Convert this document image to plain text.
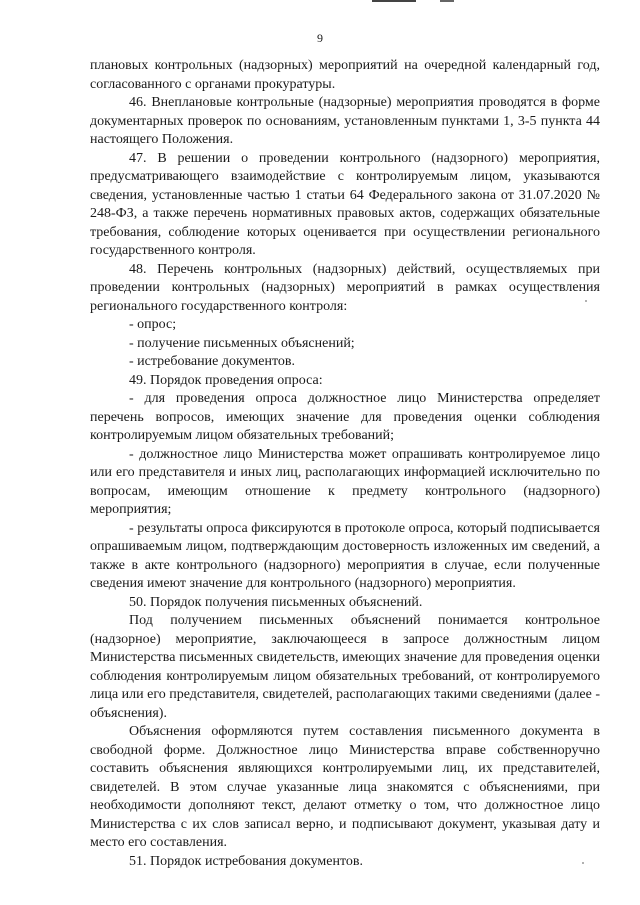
9

плановых контрольных (надзорных) мероприятий на очередной календарный год, согласованного с органами прокуратуры.

46. Внеплановые контрольные (надзорные) мероприятия проводятся в форме документарных проверок по основаниям, установленным пунктами 1, 3-5 пункта 44 настоящего Положения.

47. В решении о проведении контрольного (надзорного) мероприятия, предусматривающего взаимодействие с контролируемым лицом, указываются сведения, установленные частью 1 статьи 64 Федерального закона от 31.07.2020 № 248-ФЗ, а также перечень нормативных правовых актов, содержащих обязательные требования, соблюдение которых оценивается при осуществлении регионального государственного контроля.

48. Перечень контрольных (надзорных) действий, осуществляемых при проведении контрольных (надзорных) мероприятий в рамках осуществления регионального государственного контроля:

- опрос;

- получение письменных объяснений;

- истребование документов.

49. Порядок проведения опроса:

- для проведения опроса должностное лицо Министерства определяет перечень вопросов, имеющих значение для проведения оценки соблюдения контролируемым лицом обязательных требований;

- должностное лицо Министерства может опрашивать контролируемое лицо или его представителя и иных лиц, располагающих информацией исключительно по вопросам, имеющим отношение к предмету контрольного (надзорного) мероприятия;

- результаты опроса фиксируются в протоколе опроса, который подписывается опрашиваемым лицом, подтверждающим достоверность изложенных им сведений, а также в акте контрольного (надзорного) мероприятия в случае, если полученные сведения имеют значение для контрольного (надзорного) мероприятия.

50. Порядок получения письменных объяснений.

Под получением письменных объяснений понимается контрольное (надзорное) мероприятие, заключающееся в запросе должностным лицом Министерства письменных свидетельств, имеющих значение для проведения оценки соблюдения контролируемым лицом обязательных требований, от контролируемого лица или его представителя, свидетелей, располагающих такими сведениями (далее - объяснения).

Объяснения оформляются путем составления письменного документа в свободной форме. Должностное лицо Министерства вправе собственноручно составить объяснения являющихся контролируемыми лиц, их представителей, свидетелей. В этом случае указанные лица знакомятся с объяснениями, при необходимости дополняют текст, делают отметку о том, что должностное лицо Министерства с их слов записал верно, и подписывают документ, указывая дату и место его составления.

51. Порядок истребования документов.
